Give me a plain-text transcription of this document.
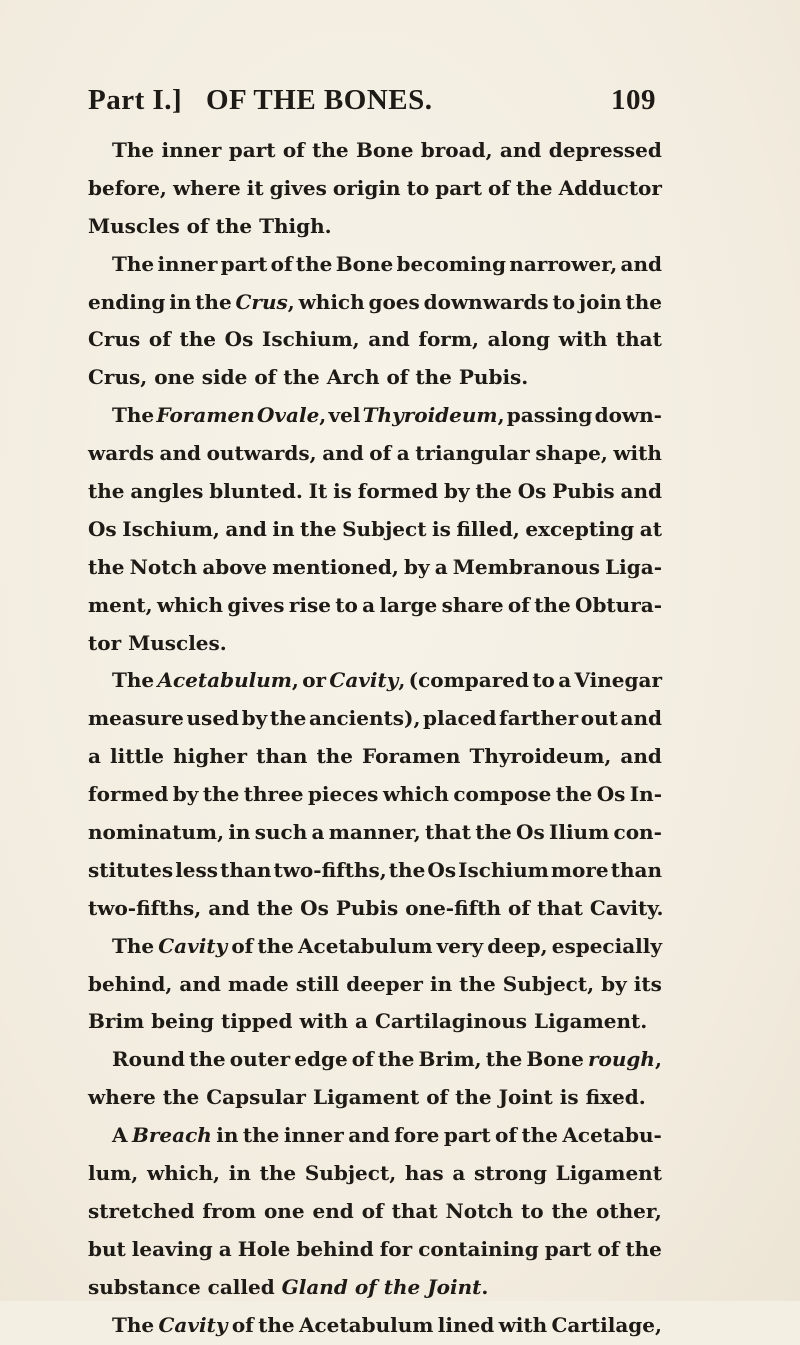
Part I.] OF THE BONES.	109
The inner part of the Bone broad, and depressed
before, where it gives origin to part of the Adductor
Muscles of the Thigh.
The inner part of the Bone becoming narrower, and
ending in the Crus, which goes downwards to join the
Crus of the Os Ischium, and form, along with that
Crus, one side of the Arch of the Pubis.
The Foramen Ovale, vel Thyroideum, passing down-
wards and outwards, and of a triangular shape, with
the angles blunted. It is formed by the Os Pubis and
Os Ischium, and in the Subject is filled, excepting at
the Notch above mentioned, by a Membranous Liga-
ment, which gives rise to a large share of the Obtura-
tor Muscles.
The Acetabulum, or Cavity, (compared to a Vinegar
measure used by the ancients), placed farther out and
a little higher than the Foramen Thyroideum, and
formed by the three pieces which compose the Os In-
nominatum, in such a manner, that the Os Ilium con-
stitutes less than two-fifths, the Os Ischium more than
two-fifths, and the Os Pubis one-fifth of that Cavity.
The Cavity of the Acetabulum very deep, especially
behind, and made still deeper in the Subject, by its
Brim being tipped with a Cartilaginous Ligament.
Round the outer edge of the Brim, the Bone rough,
where the Capsular Ligament of the Joint is fixed.
A Breach in the inner and fore part of the Acetabu-
lum, which, in the Subject, has a strong Ligament
stretched from one end of that Notch to the other,
but leaving a Hole behind for containing part of the
substance called Gland of the Joint.
The Cavity of the Acetabulum lined with Cartilage,
